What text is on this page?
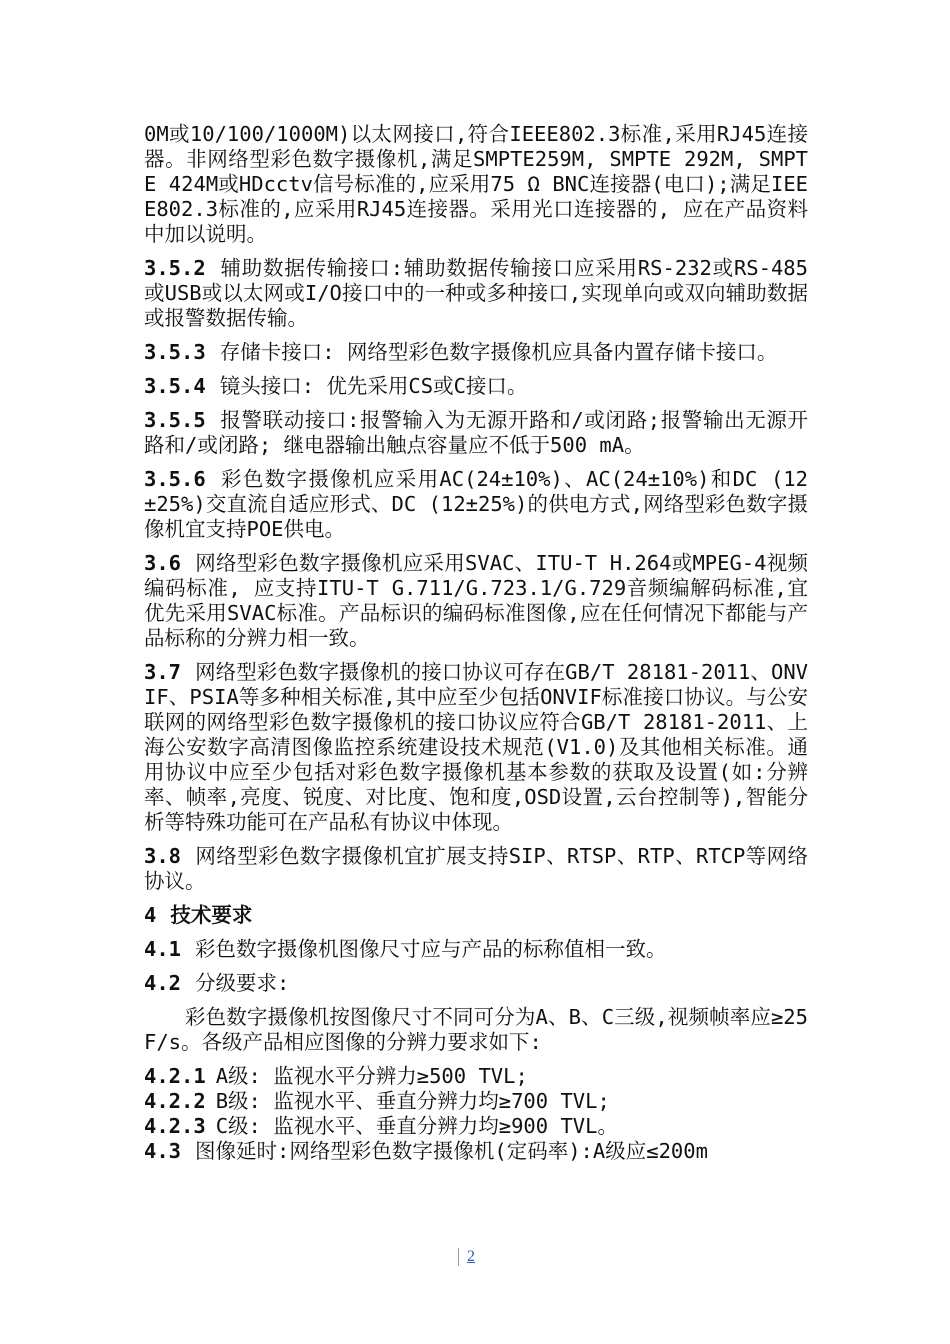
0M或10/100/1000M)以太网接口,符合IEEE802.3标准,采用RJ45连接器。非网络型彩色数字摄像机,满足SMPTE259M, SMPTE 292M, SMPTE 424M或HDcctv信号标准的,应采用75 Ω BNC连接器(电口);满足IEEE802.3标准的,应采用RJ45连接器。采用光口连接器的, 应在产品资料中加以说明。

3.5.2 辅助数据传输接口:辅助数据传输接口应采用RS-232或RS-485或USB或以太网或I/O接口中的一种或多种接口,实现单向或双向辅助数据或报警数据传输。

3.5.3 存储卡接口: 网络型彩色数字摄像机应具备内置存储卡接口。

3.5.4 镜头接口: 优先采用CS或C接口。

3.5.5 报警联动接口:报警输入为无源开路和/或闭路;报警输出无源开路和/或闭路; 继电器输出触点容量应不低于500 mA。

3.5.6 彩色数字摄像机应采用AC(24±10%)、AC(24±10%)和DC (12±25%)交直流自适应形式、DC (12±25%)的供电方式,网络型彩色数字摄像机宜支持POE供电。

3.6 网络型彩色数字摄像机应采用SVAC、ITU-T H.264或MPEG-4视频编码标准, 应支持ITU-T G.711/G.723.1/G.729音频编解码标准,宜优先采用SVAC标准。产品标识的编码标准图像,应在任何情况下都能与产品标称的分辨力相一致。

3.7 网络型彩色数字摄像机的接口协议可存在GB/T 28181-2011、ONVIF、PSIA等多种相关标准,其中应至少包括ONVIF标准接口协议。与公安联网的网络型彩色数字摄像机的接口协议应符合GB/T 28181-2011、上海公安数字高清图像监控系统建设技术规范(V1.0)及其他相关标准。通用协议中应至少包括对彩色数字摄像机基本参数的获取及设置(如:分辨率、帧率,亮度、锐度、对比度、饱和度,OSD设置,云台控制等),智能分析等特殊功能可在产品私有协议中体现。

3.8 网络型彩色数字摄像机宜扩展支持SIP、RTSP、RTP、RTCP等网络协议。

4 技术要求

4.1 彩色数字摄像机图像尺寸应与产品的标称值相一致。

4.2 分级要求:

彩色数字摄像机按图像尺寸不同可分为A、B、C三级,视频帧率应≥25F/s。各级产品相应图像的分辨力要求如下:

4.2.1 A级: 监视水平分辨力≥500 TVL;

4.2.2 B级: 监视水平、垂直分辨力均≥700 TVL;

4.2.3 C级: 监视水平、垂直分辨力均≥900 TVL。

4.3 图像延时:网络型彩色数字摄像机(定码率):A级应≤200m

2
